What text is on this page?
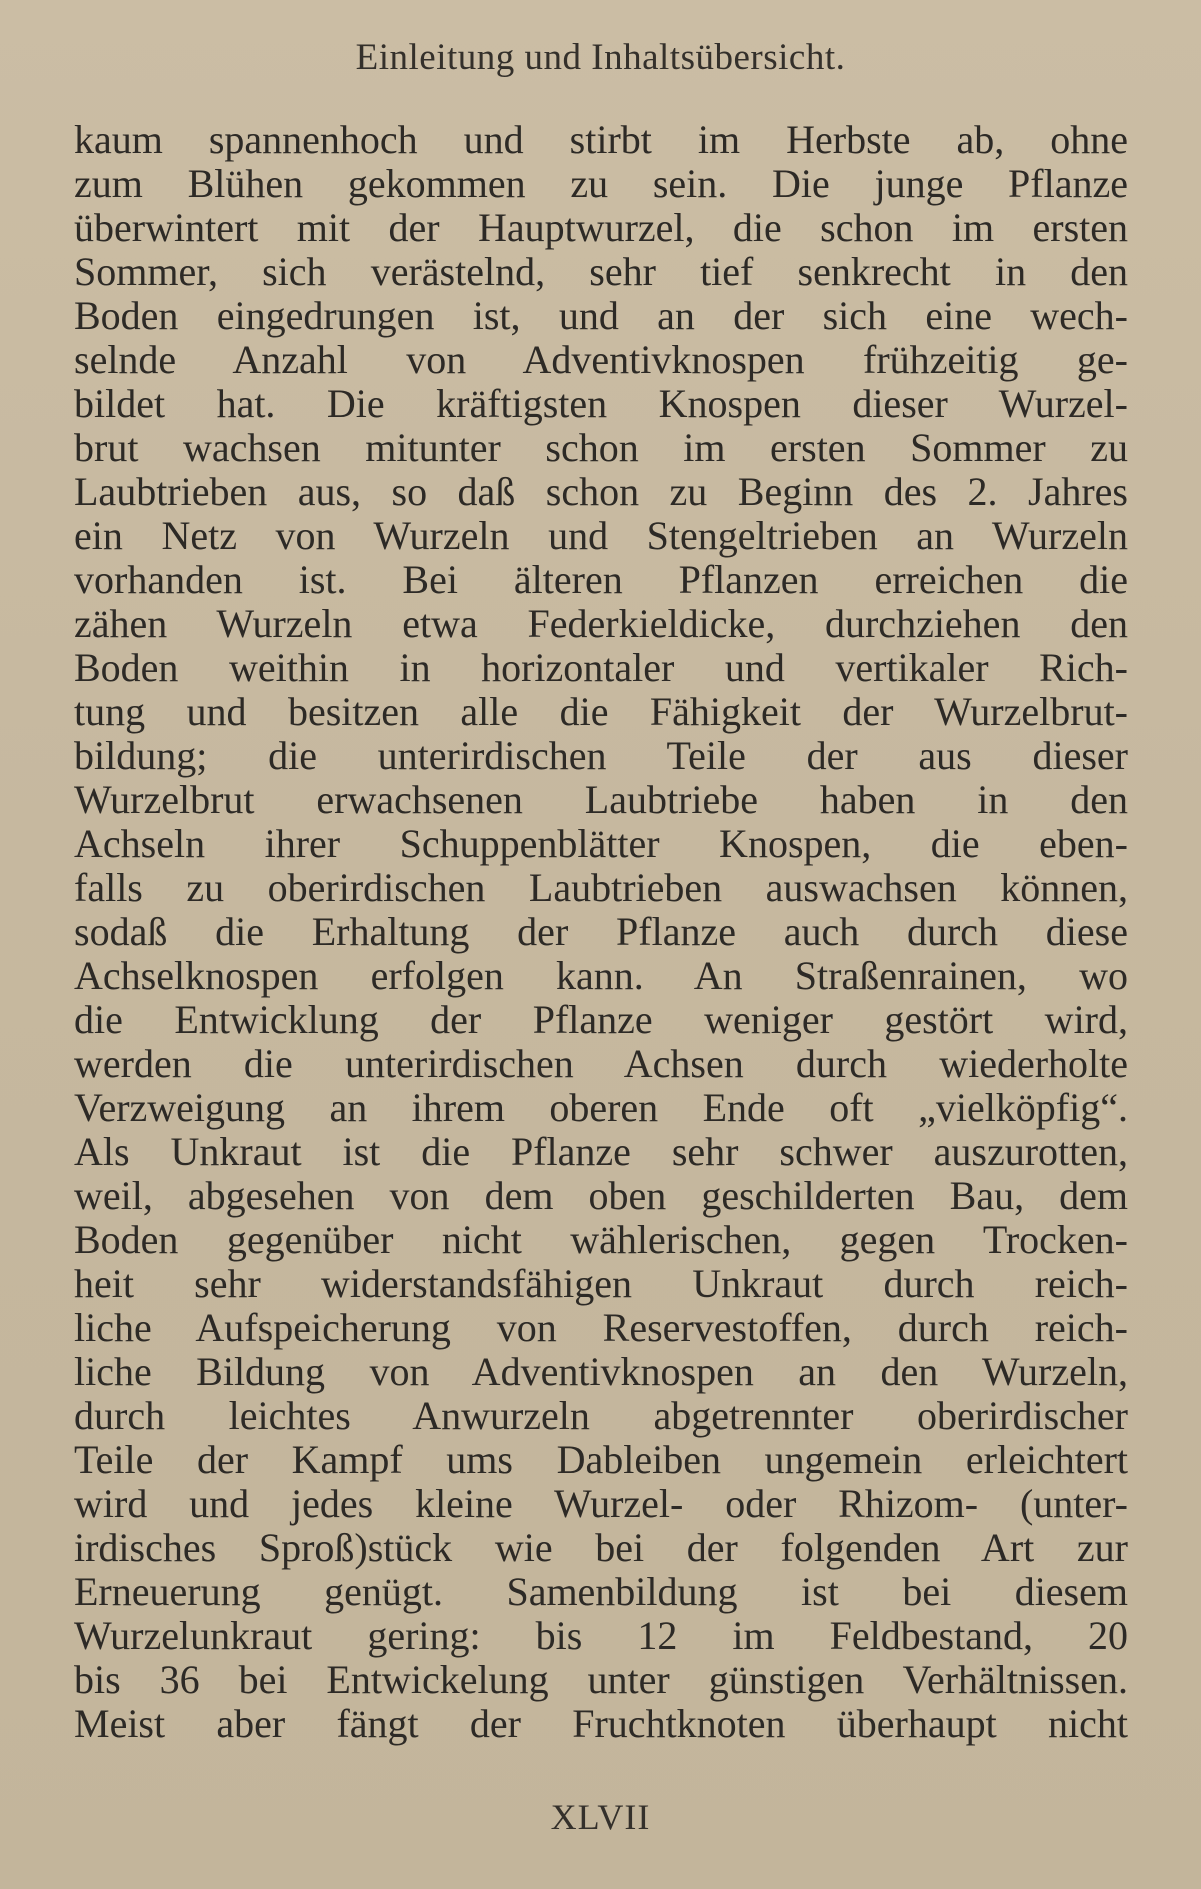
Einleitung und Inhaltsübersicht.
kaum spannenhoch und stirbt im Herbste ab, ohne
zum Blühen gekommen zu sein. Die junge Pflanze
überwintert mit der Hauptwurzel, die schon im ersten
Sommer, sich verästelnd, sehr tief senkrecht in den
Boden eingedrungen ist, und an der sich eine wech-
selnde Anzahl von Adventivknospen frühzeitig ge-
bildet hat. Die kräftigsten Knospen dieser Wurzel-
brut wachsen mitunter schon im ersten Sommer zu
Laubtrieben aus, so daß schon zu Beginn des 2. Jahres
ein Netz von Wurzeln und Stengeltrieben an Wurzeln
vorhanden ist. Bei älteren Pflanzen erreichen die
zähen Wurzeln etwa Federkieldicke, durchziehen den
Boden weithin in horizontaler und vertikaler Rich-
tung und besitzen alle die Fähigkeit der Wurzelbrut-
bildung; die unterirdischen Teile der aus dieser
Wurzelbrut erwachsenen Laubtriebe haben in den
Achseln ihrer Schuppenblätter Knospen, die eben-
falls zu oberirdischen Laubtrieben auswachsen können,
sodaß die Erhaltung der Pflanze auch durch diese
Achselknospen erfolgen kann. An Straßenrainen, wo
die Entwicklung der Pflanze weniger gestört wird,
werden die unterirdischen Achsen durch wiederholte
Verzweigung an ihrem oberen Ende oft „vielköpfig“.
Als Unkraut ist die Pflanze sehr schwer auszurotten,
weil, abgesehen von dem oben geschilderten Bau, dem
Boden gegenüber nicht wählerischen, gegen Trocken-
heit sehr widerstandsfähigen Unkraut durch reich-
liche Aufspeicherung von Reservestoffen, durch reich-
liche Bildung von Adventivknospen an den Wurzeln,
durch leichtes Anwurzeln abgetrennter oberirdischer
Teile der Kampf ums Dableiben ungemein erleichtert
wird und jedes kleine Wurzel- oder Rhizom- (unter-
irdisches Sproß)stück wie bei der folgenden Art zur
Erneuerung genügt. Samenbildung ist bei diesem
Wurzelunkraut gering: bis 12 im Feldbestand, 20
bis 36 bei Entwickelung unter günstigen Verhältnissen.
Meist aber fängt der Fruchtknoten überhaupt nicht
XLVII
